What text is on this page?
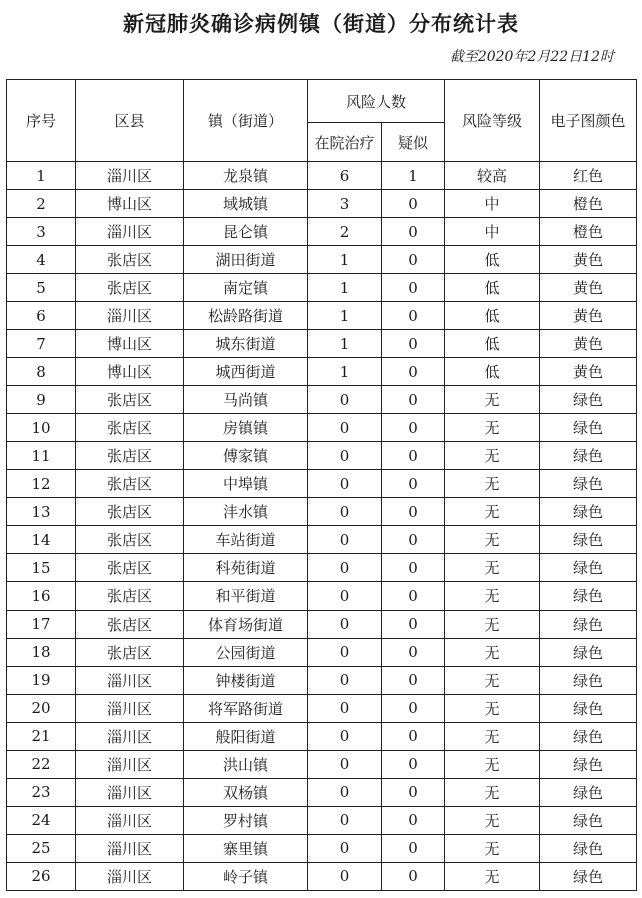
新冠肺炎确诊病例镇（街道）分布统计表
截至2020年2月22日12时
序号	区县	镇（街道）	风险人数		风险等级	电子图颜色
			在院治疗	疑似		
1	淄川区	龙泉镇	6	1	较高	红色
2	博山区	域城镇	3	0	中	橙色
3	淄川区	昆仑镇	2	0	中	橙色
4	张店区	湖田街道	1	0	低	黄色
5	张店区	南定镇	1	0	低	黄色
6	淄川区	松龄路街道	1	0	低	黄色
7	博山区	城东街道	1	0	低	黄色
8	博山区	城西街道	1	0	低	黄色
9	张店区	马尚镇	0	0	无	绿色
10	张店区	房镇镇	0	0	无	绿色
11	张店区	傅家镇	0	0	无	绿色
12	张店区	中埠镇	0	0	无	绿色
13	张店区	沣水镇	0	0	无	绿色
14	张店区	车站街道	0	0	无	绿色
15	张店区	科苑街道	0	0	无	绿色
16	张店区	和平街道	0	0	无	绿色
17	张店区	体育场街道	0	0	无	绿色
18	张店区	公园街道	0	0	无	绿色
19	淄川区	钟楼街道	0	0	无	绿色
20	淄川区	将军路街道	0	0	无	绿色
21	淄川区	般阳街道	0	0	无	绿色
22	淄川区	洪山镇	0	0	无	绿色
23	淄川区	双杨镇	0	0	无	绿色
24	淄川区	罗村镇	0	0	无	绿色
25	淄川区	寨里镇	0	0	无	绿色
26	淄川区	岭子镇	0	0	无	绿色
